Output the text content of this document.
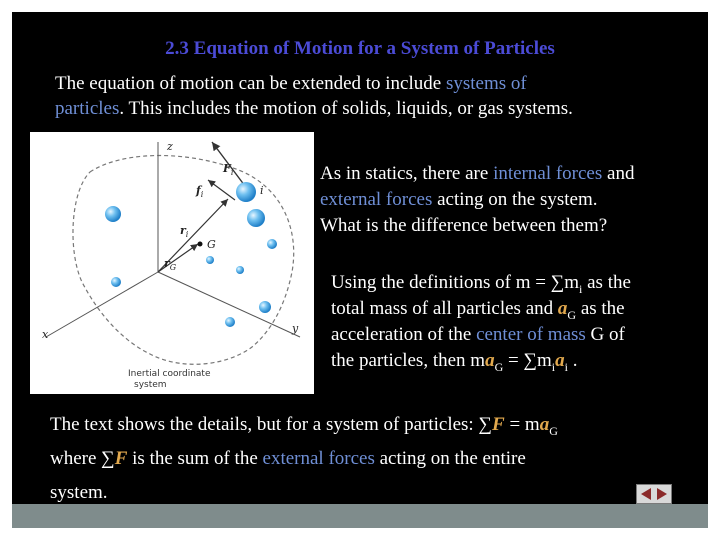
2.3 Equation of Motion for a System of Particles
The equation of motion can be extended to include systems of
particles. This includes the motion of solids, liquids, or gas systems.
z
x	y
$F_i$
$f_i$	i
$r_i$
G
$r_G$
Inertial coordinate
system
As in statics, there are internal forces and
external forces acting on the system.
What is the difference between them?
Using the definitions of $m = \sum m_i$ as the
total mass of all particles and $a_G$ as the
acceleration of the center of mass G of
the particles, then $ma_G = \sum m_ia_i$ .
The text shows the details, but for a system of particles: $\sum F = ma_G$
where ∑F is the sum of the external forces acting on the entire
system.
